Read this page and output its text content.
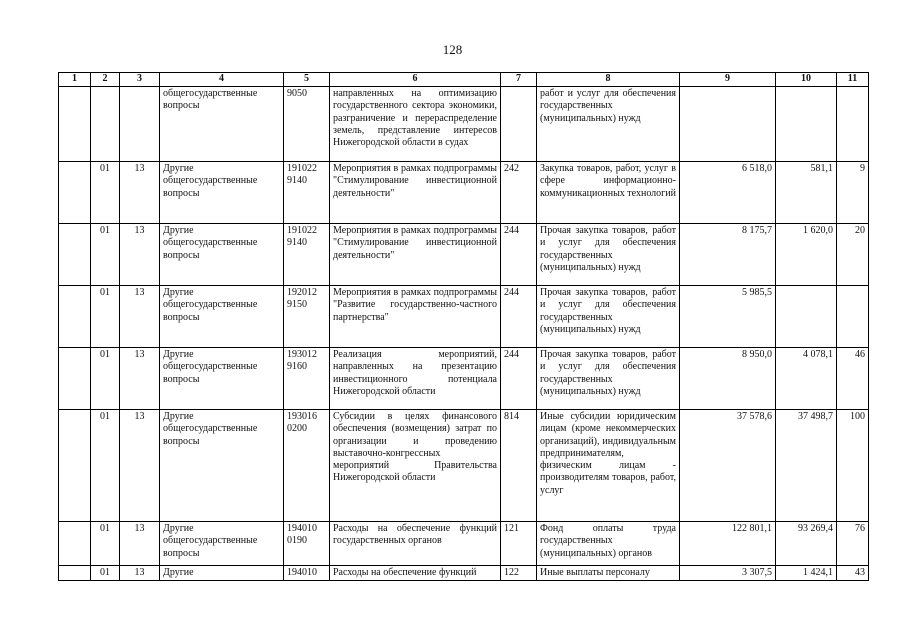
128
1	2	3	4	5	6	7	8	9	10	11
			общегосударственные вопросы	9050	направленных на оптимизацию государственного сектора экономики, разграничение и перераспределение земель, представление интересов Нижегородской области в судах		работ и услуг для обеспечения государственных (муниципальных) нужд			
	01	13	Другие общегосударственные вопросы	191022 9140	Мероприятия в рамках подпрограммы "Стимулирование инвестиционной деятельности"	242	Закупка товаров, работ, услуг в сфере информационно-коммуникационных технологий	6 518,0	581,1	9
	01	13	Другие общегосударственные вопросы	191022 9140	Мероприятия в рамках подпрограммы "Стимулирование инвестиционной деятельности"	244	Прочая закупка товаров, работ и услуг для обеспечения государственных (муниципальных) нужд	8 175,7	1 620,0	20
	01	13	Другие общегосударственные вопросы	192012 9150	Мероприятия в рамках подпрограммы "Развитие государственно-частного партнерства"	244	Прочая закупка товаров, работ и услуг для обеспечения государственных (муниципальных) нужд	5 985,5		
	01	13	Другие общегосударственные вопросы	193012 9160	Реализация мероприятий, направленных на презентацию инвестиционного потенциала Нижегородской области	244	Прочая закупка товаров, работ и услуг для обеспечения государственных (муниципальных) нужд	8 950,0	4 078,1	46
	01	13	Другие общегосударственные вопросы	193016 0200	Субсидии в целях финансового обеспечения (возмещения) затрат по организации и проведению выставочно-конгрессных мероприятий Правительства Нижегородской области	814	Иные субсидии юридическим лицам (кроме некоммерческих организаций), индивидуальным предпринимателям, физическим лицам - производителям товаров, работ, услуг	37 578,6	37 498,7	100
	01	13	Другие общегосударственные вопросы	194010 0190	Расходы на обеспечение функций государственных органов	121	Фонд оплаты труда государственных (муниципальных) органов	122 801,1	93 269,4	76
	01	13	Другие	194010	Расходы на обеспечение функций	122	Иные выплаты персоналу	3 307,5	1 424,1	43
